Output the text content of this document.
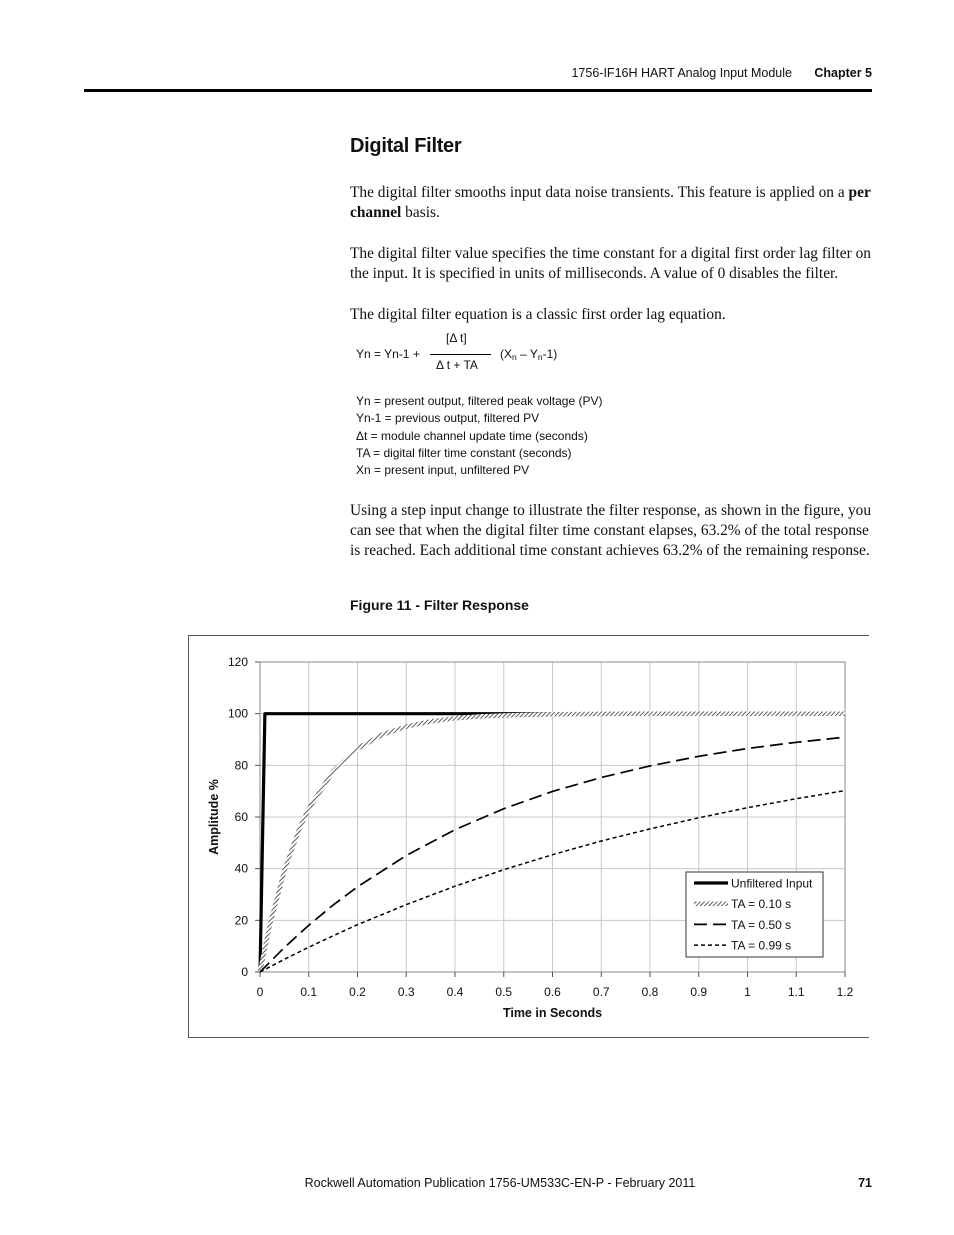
1756-IF16H HART Analog Input Module Chapter 5
Digital Filter
The digital filter smooths input data noise transients. This feature is applied on a per channel basis.
The digital filter value specifies the time constant for a digital first order lag filter on the input. It is specified in units of milliseconds. A value of 0 disables the filter.
The digital filter equation is a classic first order lag equation.
Yn = Yn-1 +
[Δ t]
Δ t + TA
$(X_n - Y_n-1)$
Yn = present output, filtered peak voltage (PV)
Yn-1 = previous output, filtered PV
Δt = module channel update time (seconds)
TA = digital filter time constant (seconds)
Xn = present input, unfiltered PV
Using a step input change to illustrate the filter response, as shown in the figure, you can see that when the digital filter time constant elapses, 63.2% of the total response is reached. Each additional time constant achieves 63.2% of the remaining response.
Figure 11 - Filter Response
0	0.1	0.2	0.3	0.4	0.5	0.6	0.7	0.8	0.9	1	1.1	1.2
0
20
40
60
80
100
120
Time in Seconds
Amplitude %
Unfiltered Input
TA = 0.10 s
TA = 0.50 s
TA = 0.99 s
Rockwell Automation Publication 1756-UM533C-EN-P - February 2011	71
